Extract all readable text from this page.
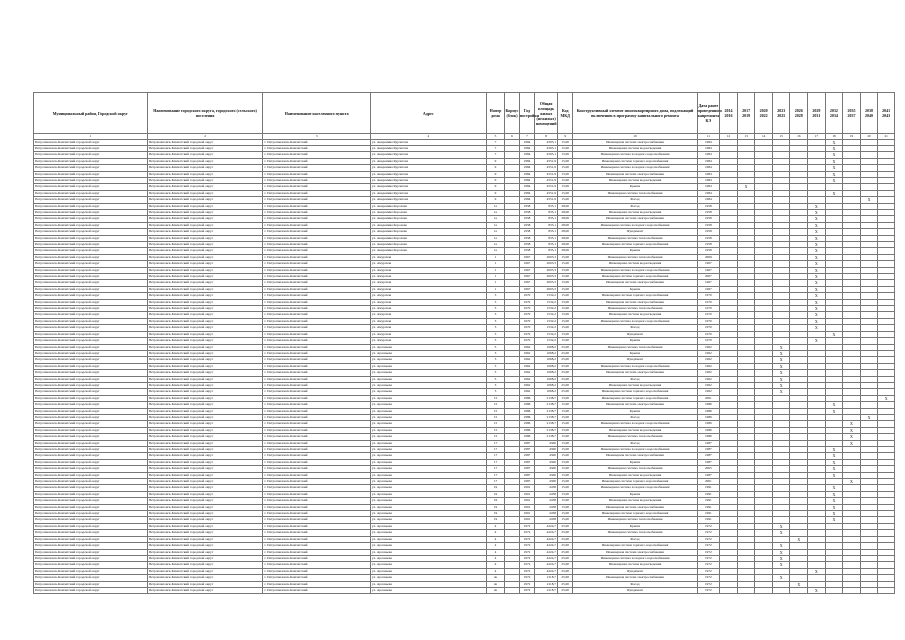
Муниципальный район, Городской округ	Наименование городского округа, городского (сельского) поселения	Наименование населенного пункта	Адрес	Номер дома	Корпус (блок)	Год постройки	Общая площадь жилых (нежилых) помещений	Код МКД	Конструктивный элемент многоквартирного дома, подлежащий включению в программу капитального ремонта	Дата ранее проведенного капремонта КЭ	2014 2016	2017 2019	2020 2022	2023 2025	2026 2028	2029 2031	2032 2034	2035 2037	2038 2040	2041 2043
1	2	3	4	5	6	7	8	9	10	11	12	13	14	15	16	17	18	19	20	21
Петропавловск-Камчатский городской округ	Петропавловск-Камчатский городской округ	г. Петропавловск-Камчатский	ул. Академика Курчатова	7		1984	4593,1	15,00	Инженерная система электроснабжения	1984							X			
Петропавловск-Камчатский городской округ	Петропавловск-Камчатский городской округ	г. Петропавловск-Камчатский	ул. Академика Курчатова	7		1984	4593,1	15,00	Инженерная система водоотведения	1984							X			
Петропавловск-Камчатский городской округ	Петропавловск-Камчатский городской округ	г. Петропавловск-Камчатский	ул. Академика Курчатова	7		1984	4593,1	15,00	Инженерная система холодного водоснабжения	1984							X			
Петропавловск-Камчатский городской округ	Петропавловск-Камчатский городской округ	г. Петропавловск-Камчатский	ул. Академика Курчатова	9		1984	4551,9	15,00	Инженерная система горячего водоснабжения	1984							X			
Петропавловск-Камчатский городской округ	Петропавловск-Камчатский городской округ	г. Петропавловск-Камчатский	ул. Академика Курчатова	9		1984	4551,9	15,00	Инженерная система холодного водоснабжения	1984							X			
Петропавловск-Камчатский городской округ	Петропавловск-Камчатский городской округ	г. Петропавловск-Камчатский	ул. Академика Курчатова	9		1984	4551,9	15,00	Инженерная система электроснабжения	1984							X			
Петропавловск-Камчатский городской округ	Петропавловск-Камчатский городской округ	г. Петропавловск-Камчатский	ул. Академика Курчатова	9		1984	4551,9	15,00	Инженерная система водоотведения	1984							X			
Петропавловск-Камчатский городской округ	Петропавловск-Камчатский городской округ	г. Петропавловск-Камчатский	ул. Академика Курчатова	9		1984	4551,9	15,00	Крыша	1984		X								
Петропавловск-Камчатский городской округ	Петропавловск-Камчатский городской округ	г. Петропавловск-Камчатский	ул. Академика Курчатова	9		1984	4551,9	15,00	Инженерная система теплоснабжения	1984							X			
Петропавловск-Камчатский городской округ	Петропавловск-Камчатский городской округ	г. Петропавловск-Камчатский	ул. Академика Курчатова	9		1984	4551,9	15,00	Фасад	1984									X	
Петропавловск-Камчатский городской округ	Петропавловск-Камчатский городской округ	г. Петропавловск-Камчатский	ул. Академика Королева	1а		1958	835,1	28,00	Фасад	1958						X				
Петропавловск-Камчатский городской округ	Петропавловск-Камчатский городской округ	г. Петропавловск-Камчатский	ул. Академика Королева	1а		1958	835,1	28,00	Инженерная система водоотведения	1958						X				
Петропавловск-Камчатский городской округ	Петропавловск-Камчатский городской округ	г. Петропавловск-Камчатский	ул. Академика Королева	1а		1958	835,1	28,00	Инженерная система электроснабжения	1958						X				
Петропавловск-Камчатский городской округ	Петропавловск-Камчатский городской округ	г. Петропавловск-Камчатский	ул. Академика Королева	1а		1958	835,1	28,00	Инженерная система холодного водоснабжения	1958						X				
Петропавловск-Камчатский городской округ	Петропавловск-Камчатский городской округ	г. Петропавловск-Камчатский	ул. Академика Королева	1а		1958	835,1	28,00	Фундамент	1958						X				
Петропавловск-Камчатский городской округ	Петропавловск-Камчатский городской округ	г. Петропавловск-Камчатский	ул. Академика Королева	1а		1958	835,1	28,00	Инженерная система теплоснабжения	1958						X				
Петропавловск-Камчатский городской округ	Петропавловск-Камчатский городской округ	г. Петропавловск-Камчатский	ул. Академика Королева	1а		1958	835,1	28,00	Инженерная система горячего водоснабжения	1958						X				
Петропавловск-Камчатский городской округ	Петропавловск-Камчатский городской округ	г. Петропавловск-Камчатский	ул. Академика Королева	1а		1958	835,1	28,00	Крыша	1958						X				
Петропавловск-Камчатский городской округ	Петропавловск-Камчатский городской округ	г. Петропавловск-Камчатский	ул. Амурская	1		1967	2003,3	15,00	Инженерная система теплоснабжения	2009						X				
Петропавловск-Камчатский городской округ	Петропавловск-Камчатский городской округ	г. Петропавловск-Камчатский	ул. Амурская	1		1967	2003,3	15,00	Инженерная система водоотведения	1967						X				
Петропавловск-Камчатский городской округ	Петропавловск-Камчатский городской округ	г. Петропавловск-Камчатский	ул. Амурская	1		1967	2003,3	15,00	Инженерная система холодного водоснабжения	1967						X				
Петропавловск-Камчатский городской округ	Петропавловск-Камчатский городской округ	г. Петропавловск-Камчатский	ул. Амурская	1		1967	2003,3	15,00	Инженерная система горячего водоснабжения	2007						X				
Петропавловск-Камчатский городской округ	Петропавловск-Камчатский городской округ	г. Петропавловск-Камчатский	ул. Амурская	1		1967	2003,3	15,00	Инженерная система электроснабжения	1967						X				
Петропавловск-Камчатский городской округ	Петропавловск-Камчатский городской округ	г. Петропавловск-Камчатский	ул. Амурская	1		1967	2003,3	15,00	Крыша	1967						X				
Петропавловск-Камчатский городской округ	Петропавловск-Камчатский городской округ	г. Петропавловск-Камчатский	ул. Амурская	3		1970	1532,2	15,00	Инженерная система горячего водоснабжения	1970						X				
Петропавловск-Камчатский городской округ	Петропавловск-Камчатский городской округ	г. Петропавловск-Камчатский	ул. Амурская	3		1970	1532,2	15,00	Инженерная система электроснабжения	1970						X				
Петропавловск-Камчатский городской округ	Петропавловск-Камчатский городской округ	г. Петропавловск-Камчатский	ул. Амурская	3		1970	1532,2	15,00	Инженерная система теплоснабжения	1970						X				
Петропавловск-Камчатский городской округ	Петропавловск-Камчатский городской округ	г. Петропавловск-Камчатский	ул. Амурская	3		1970	1532,2	15,00	Инженерная система водоотведения	1970						X				
Петропавловск-Камчатский городской округ	Петропавловск-Камчатский городской округ	г. Петропавловск-Камчатский	ул. Амурская	3		1970	1532,2	15,00	Инженерная система холодного водоснабжения	1970						X				
Петропавловск-Камчатский городской округ	Петропавловск-Камчатский городской округ	г. Петропавловск-Камчатский	ул. Амурская	3		1970	1532,2	15,00	Фасад	1970						X				
Петропавловск-Камчатский городской округ	Петропавловск-Камчатский городской округ	г. Петропавловск-Камчатский	ул. Амурская	3		1970	1532,2	15,00	Фундамент	1970							X			
Петропавловск-Камчатский городской округ	Петропавловск-Камчатский городской округ	г. Петропавловск-Камчатский	ул. Амурская	3		1970	1532,2	15,00	Крыша	1970						X				
Петропавловск-Камчатский городской округ	Петропавловск-Камчатский городской округ	г. Петропавловск-Камчатский	ул. Арсеньева	3		1962	1068,2	25,00	Инженерная система теплоснабжения	1962				X						
Петропавловск-Камчатский городской округ	Петропавловск-Камчатский городской округ	г. Петропавловск-Камчатский	ул. Арсеньева	3		1962	1068,2	25,00	Крыша	1962				X						
Петропавловск-Камчатский городской округ	Петропавловск-Камчатский городской округ	г. Петропавловск-Камчатский	ул. Арсеньева	3		1962	1068,2	25,00	Фундамент	1962				X						
Петропавловск-Камчатский городской округ	Петропавловск-Камчатский городской округ	г. Петропавловск-Камчатский	ул. Арсеньева	3		1962	1068,2	25,00	Инженерная система холодного водоснабжения	1962				X						
Петропавловск-Камчатский городской округ	Петропавловск-Камчатский городской округ	г. Петропавловск-Камчатский	ул. Арсеньева	3		1962	1068,2	25,00	Инженерная система электроснабжения	1962				X						
Петропавловск-Камчатский городской округ	Петропавловск-Камчатский городской округ	г. Петропавловск-Камчатский	ул. Арсеньева	3		1962	1068,2	25,00	Фасад	1962				X						
Петропавловск-Камчатский городской округ	Петропавловск-Камчатский городской округ	г. Петропавловск-Камчатский	ул. Арсеньева	3		1962	1068,2	25,00	Инженерная система водоотведения	1962				X						
Петропавловск-Камчатский городской округ	Петропавловск-Камчатский городской округ	г. Петропавловск-Камчатский	ул. Арсеньева	3		1962	1068,2	25,00	Инженерная система горячего водоснабжения	1962				X						
Петропавловск-Камчатский городской округ	Петропавловск-Камчатский городской округ	г. Петропавловск-Камчатский	ул. Арсеньева	15		1986	2138,7	15,00	Инженерная система горячего водоснабжения	2001										X
Петропавловск-Камчатский городской округ	Петропавловск-Камчатский городской округ	г. Петропавловск-Камчатский	ул. Арсеньева	15		1986	2138,7	15,00	Инженерная система электроснабжения	1986							X			
Петропавловск-Камчатский городской округ	Петропавловск-Камчатский городской округ	г. Петропавловск-Камчатский	ул. Арсеньева	15		1986	2138,7	15,00	Крыша	1986							X			
Петропавловск-Камчатский городской округ	Петропавловск-Камчатский городской округ	г. Петропавловск-Камчатский	ул. Арсеньева	15		1986	2138,7	15,00	Фасад	1986									X	
Петропавловск-Камчатский городской округ	Петропавловск-Камчатский городской округ	г. Петропавловск-Камчатский	ул. Арсеньева	15		1986	2138,7	15,00	Инженерная система холодного водоснабжения	1986								X		
Петропавловск-Камчатский городской округ	Петропавловск-Камчатский городской округ	г. Петропавловск-Камчатский	ул. Арсеньева	15		1986	2138,7	15,00	Инженерная система водоотведения	1986								X		
Петропавловск-Камчатский городской округ	Петропавловск-Камчатский городской округ	г. Петропавловск-Камчатский	ул. Арсеньева	15		1986	2138,7	15,00	Инженерная система теплоснабжения	1986								X		
Петропавловск-Камчатский городской округ	Петропавловск-Камчатский городской округ	г. Петропавловск-Камчатский	ул. Арсеньева	17		1987	4300	15,00	Фасад	1987								X		
Петропавловск-Камчатский городской округ	Петропавловск-Камчатский городской округ	г. Петропавловск-Камчатский	ул. Арсеньева	17		1987	4300	15,00	Инженерная система холодного водоснабжения	1987							X			
Петропавловск-Камчатский городской округ	Петропавловск-Камчатский городской округ	г. Петропавловск-Камчатский	ул. Арсеньева	17		1987	4300	15,00	Инженерная система электроснабжения	1987							X			
Петропавловск-Камчатский городской округ	Петропавловск-Камчатский городской округ	г. Петропавловск-Камчатский	ул. Арсеньева	17		1987	4300	15,00	Крыша	1987							X			
Петропавловск-Камчатский городской округ	Петропавловск-Камчатский городской округ	г. Петропавловск-Камчатский	ул. Арсеньева	17		1987	4300	15,00	Инженерная система теплоснабжения	2005							X			
Петропавловск-Камчатский городской округ	Петропавловск-Камчатский городской округ	г. Петропавловск-Камчатский	ул. Арсеньева	17		1987	4300	15,00	Инженерная система водоотведения	1987							X			
Петропавловск-Камчатский городской округ	Петропавловск-Камчатский городской округ	г. Петропавловск-Камчатский	ул. Арсеньева	17		1987	4300	15,00	Инженерная система горячего водоснабжения	2001								X		
Петропавловск-Камчатский городской округ	Петропавловск-Камчатский городской округ	г. Петропавловск-Камчатский	ул. Арсеньева	19		1991	2458	15,00	Инженерная система холодного водоснабжения	1991							X			
Петропавловск-Камчатский городской округ	Петропавловск-Камчатский городской округ	г. Петропавловск-Камчатский	ул. Арсеньева	19		1991	2458	15,00	Крыша	1991							X			
Петропавловск-Камчатский городской округ	Петропавловск-Камчатский городской округ	г. Петропавловск-Камчатский	ул. Арсеньева	19		1991	2458	15,00	Инженерная система водоотведения	1991							X			
Петропавловск-Камчатский городской округ	Петропавловск-Камчатский городской округ	г. Петропавловск-Камчатский	ул. Арсеньева	19		1991	2458	15,00	Инженерная система электроснабжения	1991							X			
Петропавловск-Камчатский городской округ	Петропавловск-Камчатский городской округ	г. Петропавловск-Камчатский	ул. Арсеньева	19		1991	2458	15,00	Инженерная система горячего водоснабжения	1991							X			
Петропавловск-Камчатский городской округ	Петропавловск-Камчатский городской округ	г. Петропавловск-Камчатский	ул. Арсеньева	19		1991	2458	15,00	Инженерная система теплоснабжения	1991							X			
Петропавловск-Камчатский городской округ	Петропавловск-Камчатский городской округ	г. Петропавловск-Камчатский	ул. Арсеньева	4		1972	4224,7	25,00	Крыша	1972				X						
Петропавловск-Камчатский городской округ	Петропавловск-Камчатский городской округ	г. Петропавловск-Камчатский	ул. Арсеньева	4		1972	4224,7	25,00	Инженерная система теплоснабжения	1972				X						
Петропавловск-Камчатский городской округ	Петропавловск-Камчатский городской округ	г. Петропавловск-Камчатский	ул. Арсеньева	4		1972	4224,7	25,00	Фасад	1972					X					
Петропавловск-Камчатский городской округ	Петропавловск-Камчатский городской округ	г. Петропавловск-Камчатский	ул. Арсеньева	4		1972	4224,7	25,00	Инженерная система горячего водоснабжения	1972				X						
Петропавловск-Камчатский городской округ	Петропавловск-Камчатский городской округ	г. Петропавловск-Камчатский	ул. Арсеньева	4		1972	4224,7	25,00	Инженерная система электроснабжения	1972				X						
Петропавловск-Камчатский городской округ	Петропавловск-Камчатский городской округ	г. Петропавловск-Камчатский	ул. Арсеньева	4		1972	4224,7	25,00	Инженерная система холодного водоснабжения	1972				X						
Петропавловск-Камчатский городской округ	Петропавловск-Камчатский городской округ	г. Петропавловск-Камчатский	ул. Арсеньева	4		1972	4224,7	25,00	Инженерная система водоотведения	1972				X						
Петропавловск-Камчатский городской округ	Петропавловск-Камчатский городской округ	г. Петропавловск-Камчатский	ул. Арсеньева	4		1972	4224,7	25,00	Фундамент	1972						X				
Петропавловск-Камчатский городской округ	Петропавловск-Камчатский городской округ	г. Петропавловск-Камчатский	ул. Арсеньева	4а		1972	2118,7	25,00	Инженерная система электроснабжения	1972				X						
Петропавловск-Камчатский городской округ	Петропавловск-Камчатский городской округ	г. Петропавловск-Камчатский	ул. Арсеньева	4а		1972	2118,7	25,00	Фасад	1972					X					
Петропавловск-Камчатский городской округ	Петропавловск-Камчатский городской округ	г. Петропавловск-Камчатский	ул. Арсеньева	4а		1972	2118,7	25,00	Фундамент	1972						X				
